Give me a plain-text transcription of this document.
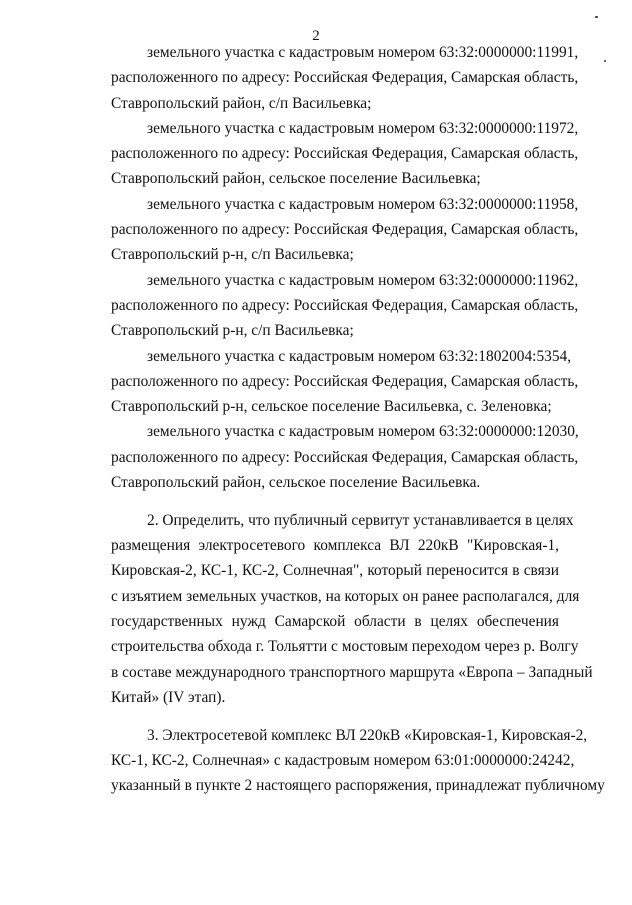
2

земельного участка с кадастровым номером 63:32:0000000:11991,
расположенного по адресу: Российская Федерация, Самарская область,
Ставропольский район, с/п Васильевка;

земельного участка с кадастровым номером 63:32:0000000:11972,
расположенного по адресу: Российская Федерация, Самарская область,
Ставропольский район, сельское поселение Васильевка;

земельного участка с кадастровым номером 63:32:0000000:11958,
расположенного по адресу: Российская Федерация, Самарская область,
Ставропольский р-н, с/п Васильевка;

земельного участка с кадастровым номером 63:32:0000000:11962,
расположенного по адресу: Российская Федерация, Самарская область,
Ставропольский р-н, с/п Васильевка;

земельного участка с кадастровым номером 63:32:1802004:5354,
расположенного по адресу: Российская Федерация, Самарская область,
Ставропольский р-н, сельское поселение Васильевка, с. Зеленовка;

земельного участка с кадастровым номером 63:32:0000000:12030,
расположенного по адресу: Российская Федерация, Самарская область,
Ставропольский район, сельское поселение Васильевка.

2. Определить, что публичный сервитут устанавливается в целях
размещения электросетевого комплекса ВЛ 220кВ "Кировская-1,
Кировская-2, КС-1, КС-2, Солнечная", который переносится в связи
с изъятием земельных участков, на которых он ранее располагался, для
государственных нужд Самарской области в целях обеспечения
строительства обхода г. Тольятти с мостовым переходом через р. Волгу
в составе международного транспортного маршрута «Европа – Западный
Китай» (IV этап).

3. Электросетевой комплекс ВЛ 220кВ «Кировская-1, Кировская-2,
КС-1, КС-2, Солнечная» с кадастровым номером 63:01:0000000:24242,
указанный в пункте 2 настоящего распоряжения, принадлежат публичному
